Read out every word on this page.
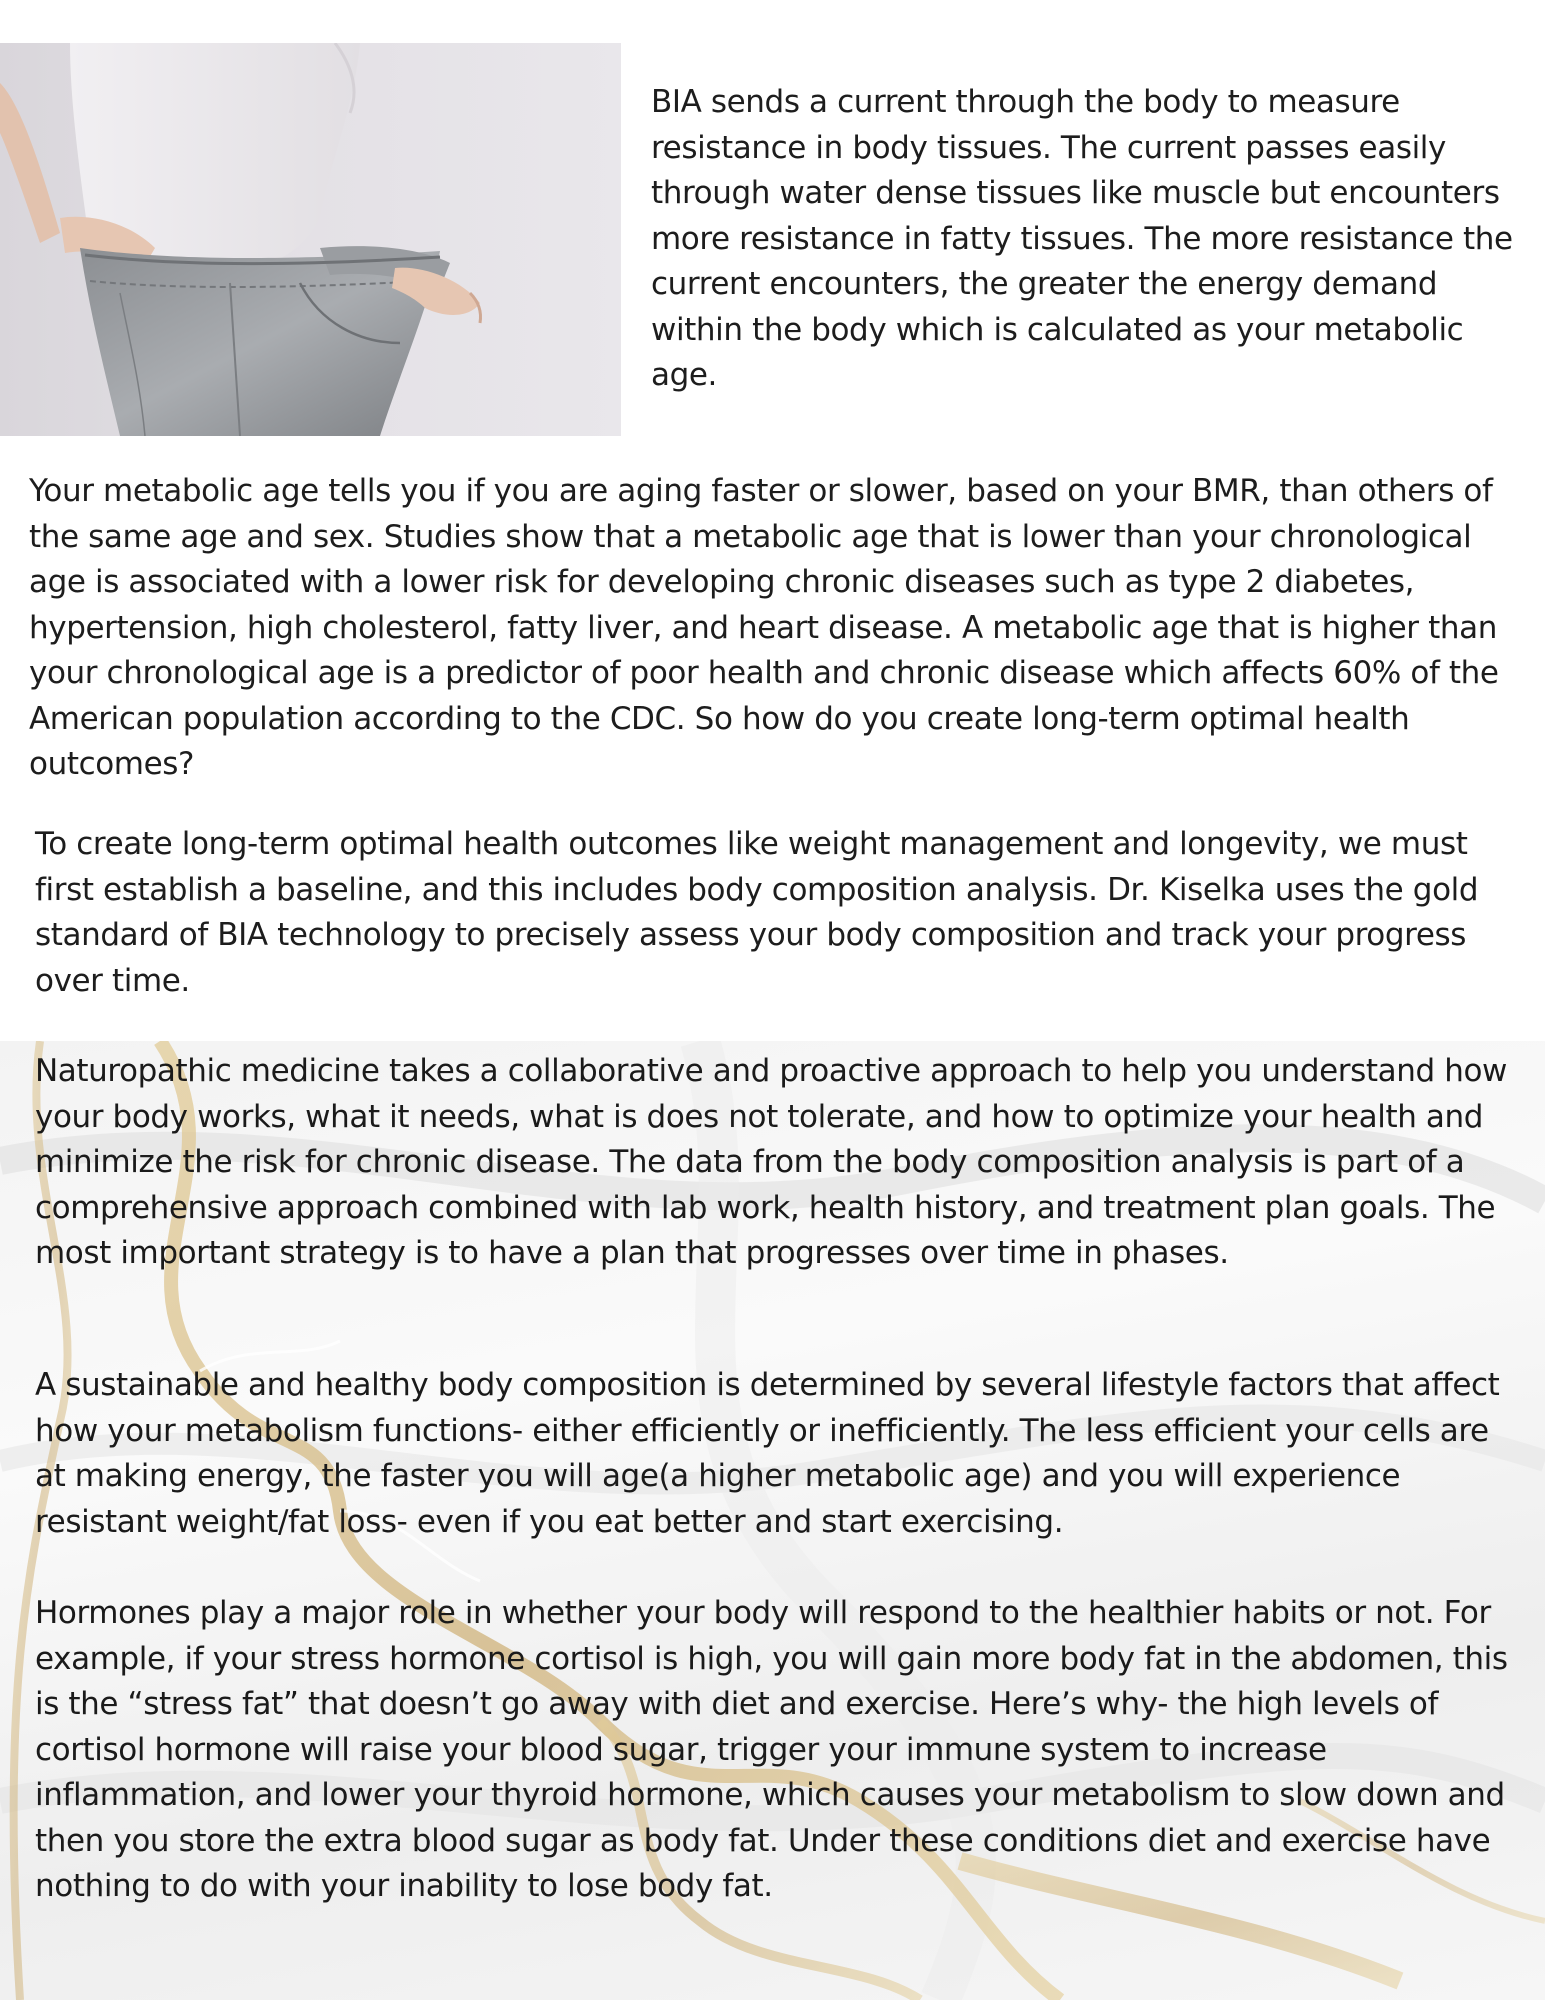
BIA sends a current through the body to measure resistance in body tissues. The current passes easily through water dense tissues like muscle but encounters more resistance in fatty tissues. The more resistance the current encounters, the greater the energy demand within the body which is calculated as your metabolic age.

Your metabolic age tells you if you are aging faster or slower, based on your BMR, than others of the same age and sex. Studies show that a metabolic age that is lower than your chronological age is associated with a lower risk for developing chronic diseases such as type 2 diabetes, hypertension, high cholesterol, fatty liver, and heart disease. A metabolic age that is higher than your chronological age is a predictor of poor health and chronic disease which affects 60% of the American population according to the CDC. So how do you create long-term optimal health outcomes?

To create long-term optimal health outcomes like weight management and longevity, we must first establish a baseline, and this includes body composition analysis. Dr. Kiselka uses the gold standard of BIA technology to precisely assess your body composition and track your progress over time.

Naturopathic medicine takes a collaborative and proactive approach to help you understand how your body works, what it needs, what is does not tolerate, and how to optimize your health and minimize the risk for chronic disease. The data from the body composition analysis is part of a comprehensive approach combined with lab work, health history, and treatment plan goals. The most important strategy is to have a plan that progresses over time in phases.

A sustainable and healthy body composition is determined by several lifestyle factors that affect how your metabolism functions- either efficiently or inefficiently. The less efficient your cells are at making energy, the faster you will age(a higher metabolic age) and you will experience resistant weight/fat loss- even if you eat better and start exercising.

Hormones play a major role in whether your body will respond to the healthier habits or not. For example, if your stress hormone cortisol is high, you will gain more body fat in the abdomen, this is the “stress fat” that doesn’t go away with diet and exercise. Here’s why- the high levels of cortisol hormone will raise your blood sugar, trigger your immune system to increase inflammation, and lower your thyroid hormone, which causes your metabolism to slow down and then you store the extra blood sugar as body fat. Under these conditions diet and exercise have nothing to do with your inability to lose body fat.
